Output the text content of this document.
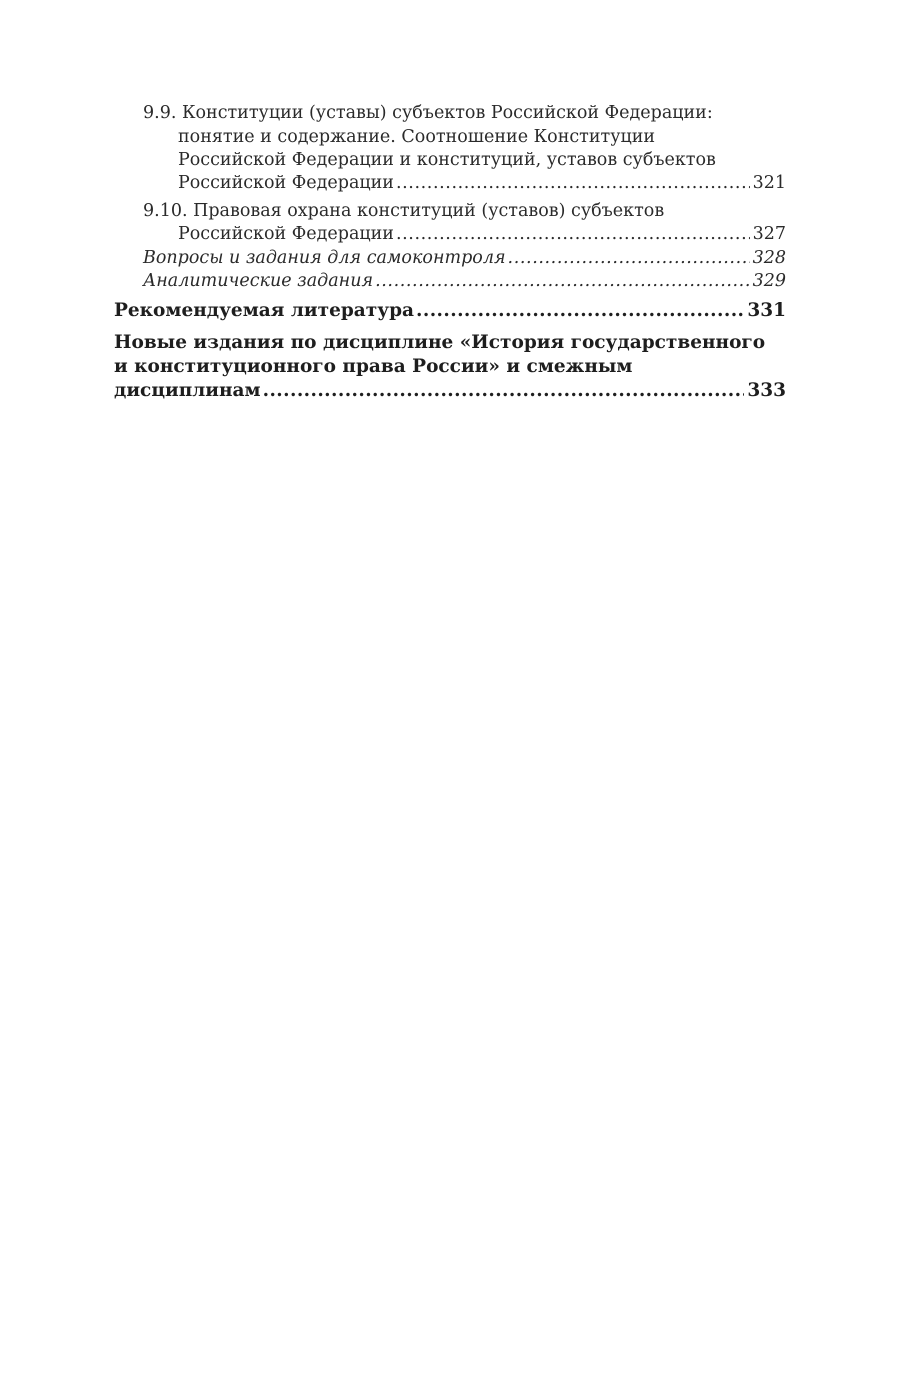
9.9. Конституции (уставы) субъектов Российской Федерации:
понятие и содержание. Соотношение Конституции
Российской Федерации и конституций, уставов субъектов
Российской Федерации .....	321
9.10. Правовая охрана конституций (уставов) субъектов
Российской Федерации .....	327
Вопросы и задания для самоконтроля .....	328
Аналитические задания .....	329
Рекомендуемая литература .....	331
Новые издания по дисциплине «История государственного
и конституционного права России» и смежным
дисциплинам .....	333
